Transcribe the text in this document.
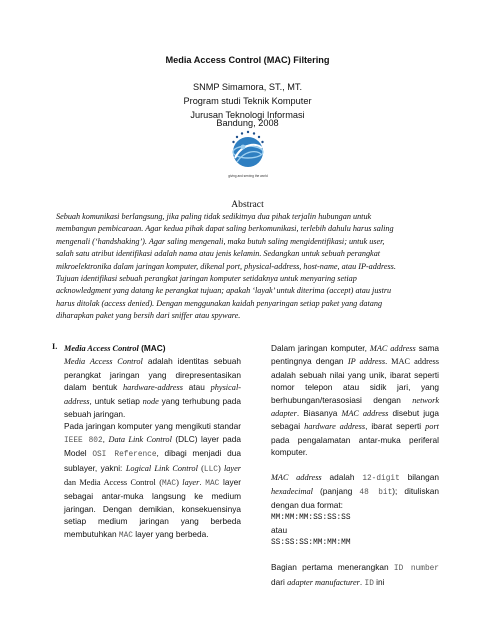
Media Access Control (MAC) Filtering
SNMP Simamora, ST., MT.
Program studi Teknik Komputer
Jurusan Teknologi Informasi
Bandung, 2008
giving and serving the world
Abstract
Sebuah komunikasi berlangsung, jika paling tidak sedikitnya dua pihak terjalin hubungan untuk
membangun pembicaraan. Agar kedua pihak dapat saling berkomunikasi, terlebih dahulu harus saling
mengenali (‘handshaking’). Agar saling mengenali, maka butuh saling mengidentifikasi; untuk user,
salah satu atribut identifikasi adalah nama atau jenis kelamin. Sedangkan untuk sebuah perangkat
mikroelektronika dalam jaringan komputer, dikenal port, physical-address, host-name, atau IP-address.
Tujuan identifikasi sebuah perangkat jaringan komputer setidaknya untuk menyaring setiap
acknowledgment yang datang ke perangkat tujuan; apakah ‘layak’ untuk diterima (accept) atau justru
harus ditolak (access denied). Dengan menggunakan kaidah penyaringan setiap paket yang datang
diharapkan paket yang bersih dari sniffer atau spyware.
I. Media Access Control (MAC)

Media Access Control adalah identitas sebuah perangkat jaringan yang direpresentasikan dalam bentuk hardware-address atau physical-address, untuk setiap node yang terhubung pada sebuah jaringan.

Pada jaringan komputer yang mengikuti standar IEEE 802, Data Link Control (DLC) layer pada Model OSI Reference, dibagi menjadi dua sublayer, yakni: Logical Link Control (LLC) layer dan Media Access Control (MAC) layer. MAC layer sebagai antar-muka langsung ke medium jaringan. Dengan demikian, konsekuensinya setiap medium jaringan yang berbeda membutuhkan MAC layer yang berbeda.

Dalam jaringan komputer, MAC address sama pentingnya dengan IP address. MAC address adalah sebuah nilai yang unik, ibarat seperti nomor telepon atau sidik jari, yang berhubungan/terasosiasi dengan network adapter. Biasanya MAC address disebut juga sebagai hardware address, ibarat seperti port pada pengalamatan antar-muka periferal komputer.

MAC address adalah 12-digit bilangan hexadecimal (panjang 48 bit); dituliskan dengan dua format:

MM:MM:MM:SS:SS:SS

atau

SS:SS:SS:MM:MM:MM

Bagian pertama menerangkan ID number dari adapter manufacturer. ID ini
